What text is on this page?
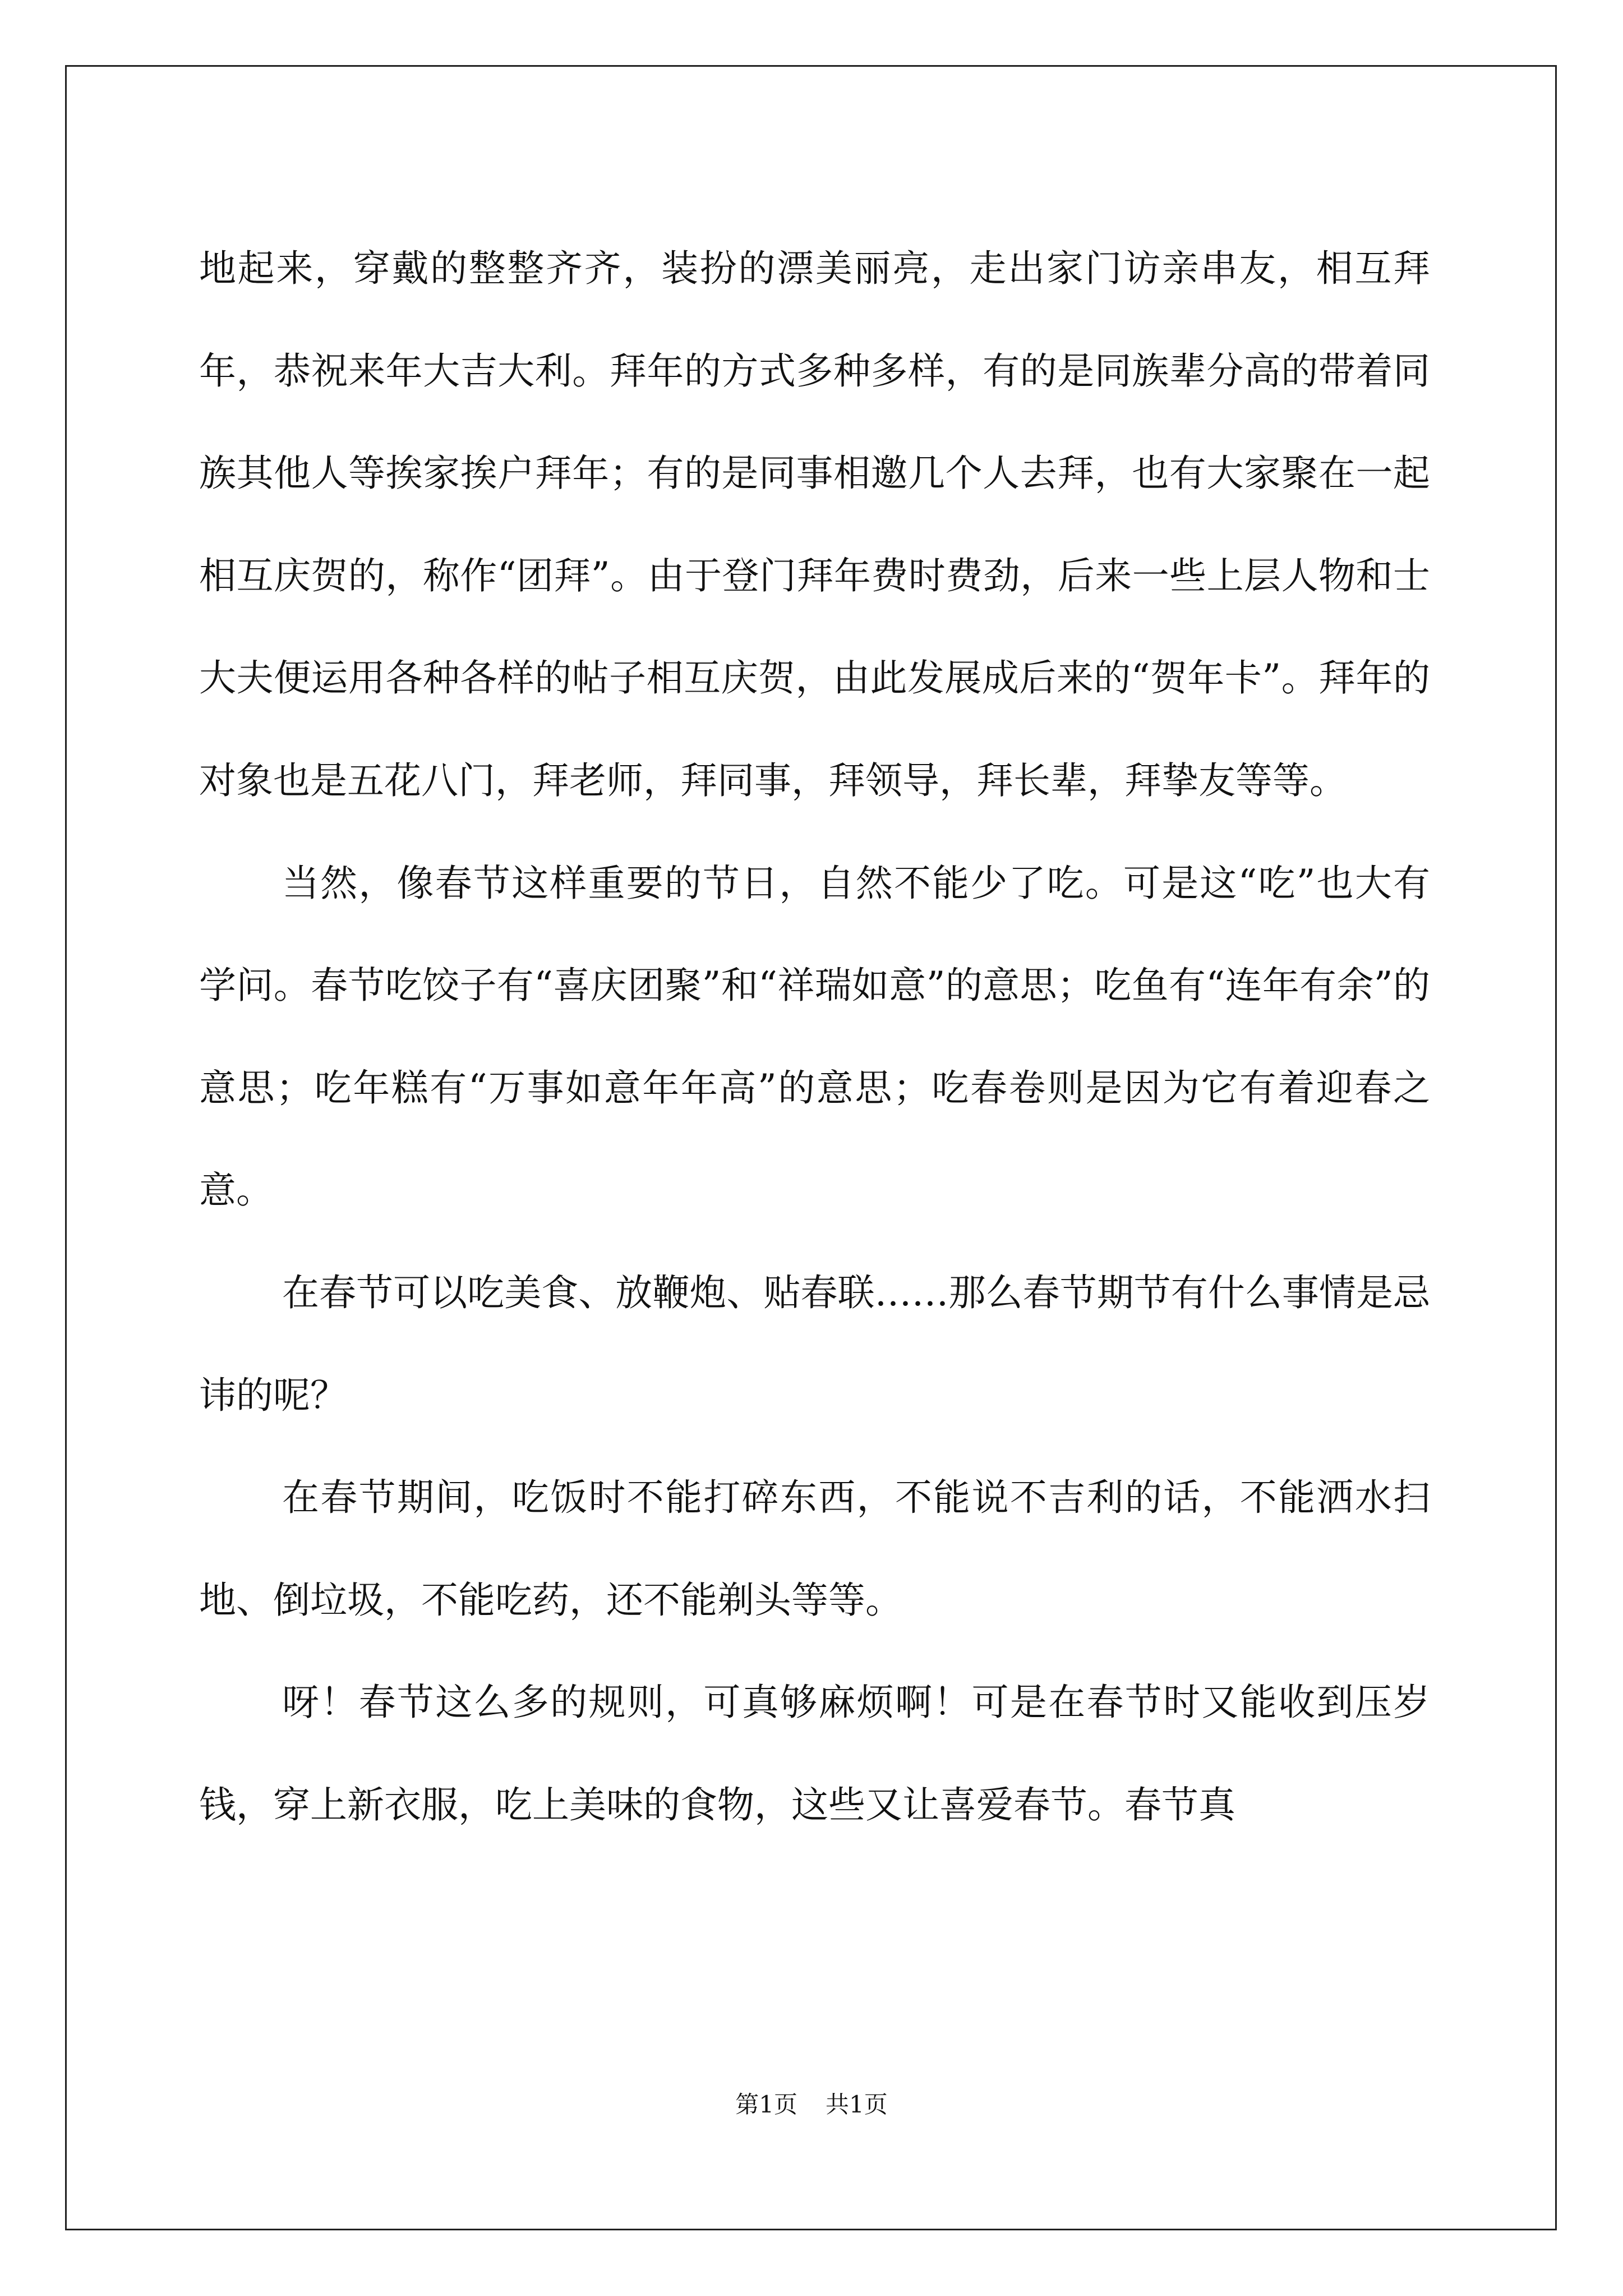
地起来，穿戴的整整齐齐，装扮的漂美丽亮，走出家门访亲串友，相互拜年，恭祝来年大吉大利。拜年的方式多种多样，有的是同族辈分高的带着同族其他人等挨家挨户拜年；有的是同事相邀几个人去拜，也有大家聚在一起相互庆贺的，称作“团拜”。由于登门拜年费时费劲，后来一些上层人物和士大夫便运用各种各样的帖子相互庆贺，由此发展成后来的“贺年卡”。拜年的对象也是五花八门，拜老师，拜同事，拜领导，拜长辈，拜挚友等等。

当然，像春节这样重要的节日，自然不能少了吃。可是这“吃”也大有学问。春节吃饺子有“喜庆团聚”和“祥瑞如意”的意思；吃鱼有“连年有余”的意思；吃年糕有“万事如意年年高”的意思；吃春卷则是因为它有着迎春之意。

在春节可以吃美食、放鞭炮、贴春联……那么春节期节有什么事情是忌讳的呢？

在春节期间，吃饭时不能打碎东西，不能说不吉利的话，不能洒水扫地、倒垃圾，不能吃药，还不能剃头等等。

呀！春节这么多的规则，可真够麻烦啊！可是在春节时又能收到压岁钱，穿上新衣服，吃上美味的食物，这些又让喜爱春节。春节真

第1页 共1页
